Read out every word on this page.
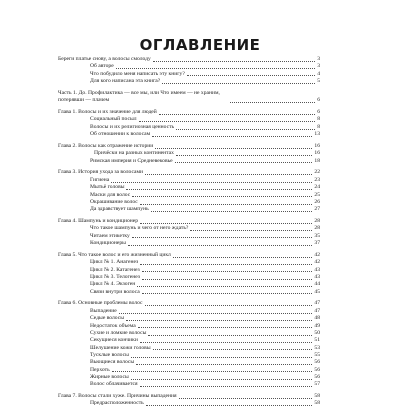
ОГЛАВЛЕНИЕ
Береги платье снову, а волосы смолоду	3
Об авторе	3
Что побудило меня написать эту книгу?	4
Для кого написана эта книга?	5
Часть 1. До. Профилактика — все мы, или Что имеем — не храним, потерявши — плачем	6
Глава 1. Волосы и их значение для людей	6
Социальный посыл	8
Волосы и их религиозная ценность	8
Об отношении к волосам	13
Глава 2. Волосы как отражение истории	16
Причёски на разных континентах	16
Римская империя и Средневековье	18
Глава 3. История ухода за волосами	22
Гигиена	23
Мытьё головы	24
Маски для волос	25
Окрашивание волос	26
Да здравствует шампунь	27
Глава 4. Шампунь и кондиционер	28
Что такое шампунь и чего от него ждать?	28
Читаем этикетку	35
Кондиционеры	37
Глава 5. Что такое волос и его жизненный цикл	42
Цикл № 1. Анагенез	42
Цикл № 2. Катагенез	43
Цикл № 3. Телогенез	43
Цикл № 4. Экзоген	44
Связи внутри волоса	45
Глава 6. Основные проблемы волос	47
Выпадение	47
Седые волосы	48
Недостаток объема	49
Сухие и ломкие волосы	50
Секущиеся кончики	51
Шелушение кожи головы	53
Тусклые волосы	55
Вьющиеся волосы	56
Перхоть	56
Жирные волосы	56
Волос облачивается	57
Глава 7. Волосы стали хуже. Причины выпадения	58
Предрасположенность	58
